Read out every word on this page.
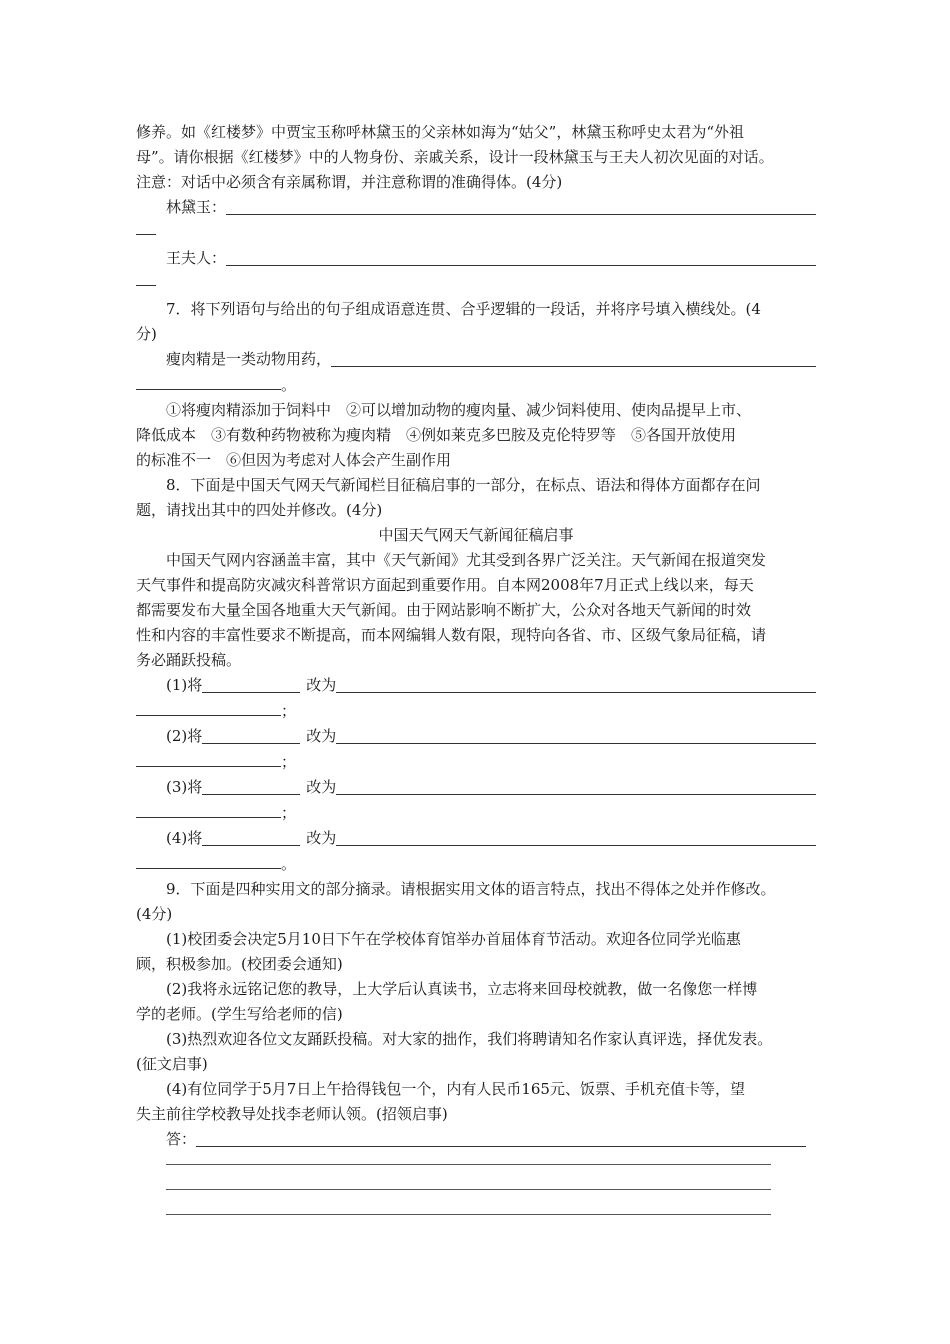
修养。如《红楼梦》中贾宝玉称呼林黛玉的父亲林如海为“姑父”，林黛玉称呼史太君为“外祖

母”。请你根据《红楼梦》中的人物身份、亲戚关系，设计一段林黛玉与王夫人初次见面的对话。

注意：对话中必须含有亲属称谓，并注意称谓的准确得体。(4分)

林黛玉：
王夫人：

7．将下列语句与给出的句子组成语意连贯、合乎逻辑的一段话，并将序号填入横线处。(4

分)

瘦肉精是一类动物用药，

。

①将瘦肉精添加于饲料中　②可以增加动物的瘦肉量、减少饲料使用、使肉品提早上市、

降低成本　③有数种药物被称为瘦肉精　④例如莱克多巴胺及克伦特罗等　⑤各国开放使用

的标准不一　⑥但因为考虑对人体会产生副作用

8．下面是中国天气网天气新闻栏目征稿启事的一部分，在标点、语法和得体方面都存在问

题，请找出其中的四处并修改。(4分)

中国天气网天气新闻征稿启事

中国天气网内容涵盖丰富，其中《天气新闻》尤其受到各界广泛关注。天气新闻在报道突发

天气事件和提高防灾减灾科普常识方面起到重要作用。自本网2008年7月正式上线以来，每天

都需要发布大量全国各地重大天气新闻。由于网站影响不断扩大，公众对各地天气新闻的时效

性和内容的丰富性要求不断提高，而本网编辑人数有限，现特向各省、市、区级气象局征稿，请

务必踊跃投稿。

(1)将	改为

；

(2)将	改为

；

(3)将	改为

；

(4)将	改为

。

9．下面是四种实用文的部分摘录。请根据实用文体的语言特点，找出不得体之处并作修改。

(4分)

(1)校团委会决定5月10日下午在学校体育馆举办首届体育节活动。欢迎各位同学光临惠

顾，积极参加。(校团委会通知)

(2)我将永远铭记您的教导，上大学后认真读书，立志将来回母校就教，做一名像您一样博

学的老师。(学生写给老师的信)

(3)热烈欢迎各位文友踊跃投稿。对大家的拙作，我们将聘请知名作家认真评选，择优发表。

(征文启事)

(4)有位同学于5月7日上午拾得钱包一个，内有人民币165元、饭票、手机充值卡等，望

失主前往学校教导处找李老师认领。(招领启事)

答：
